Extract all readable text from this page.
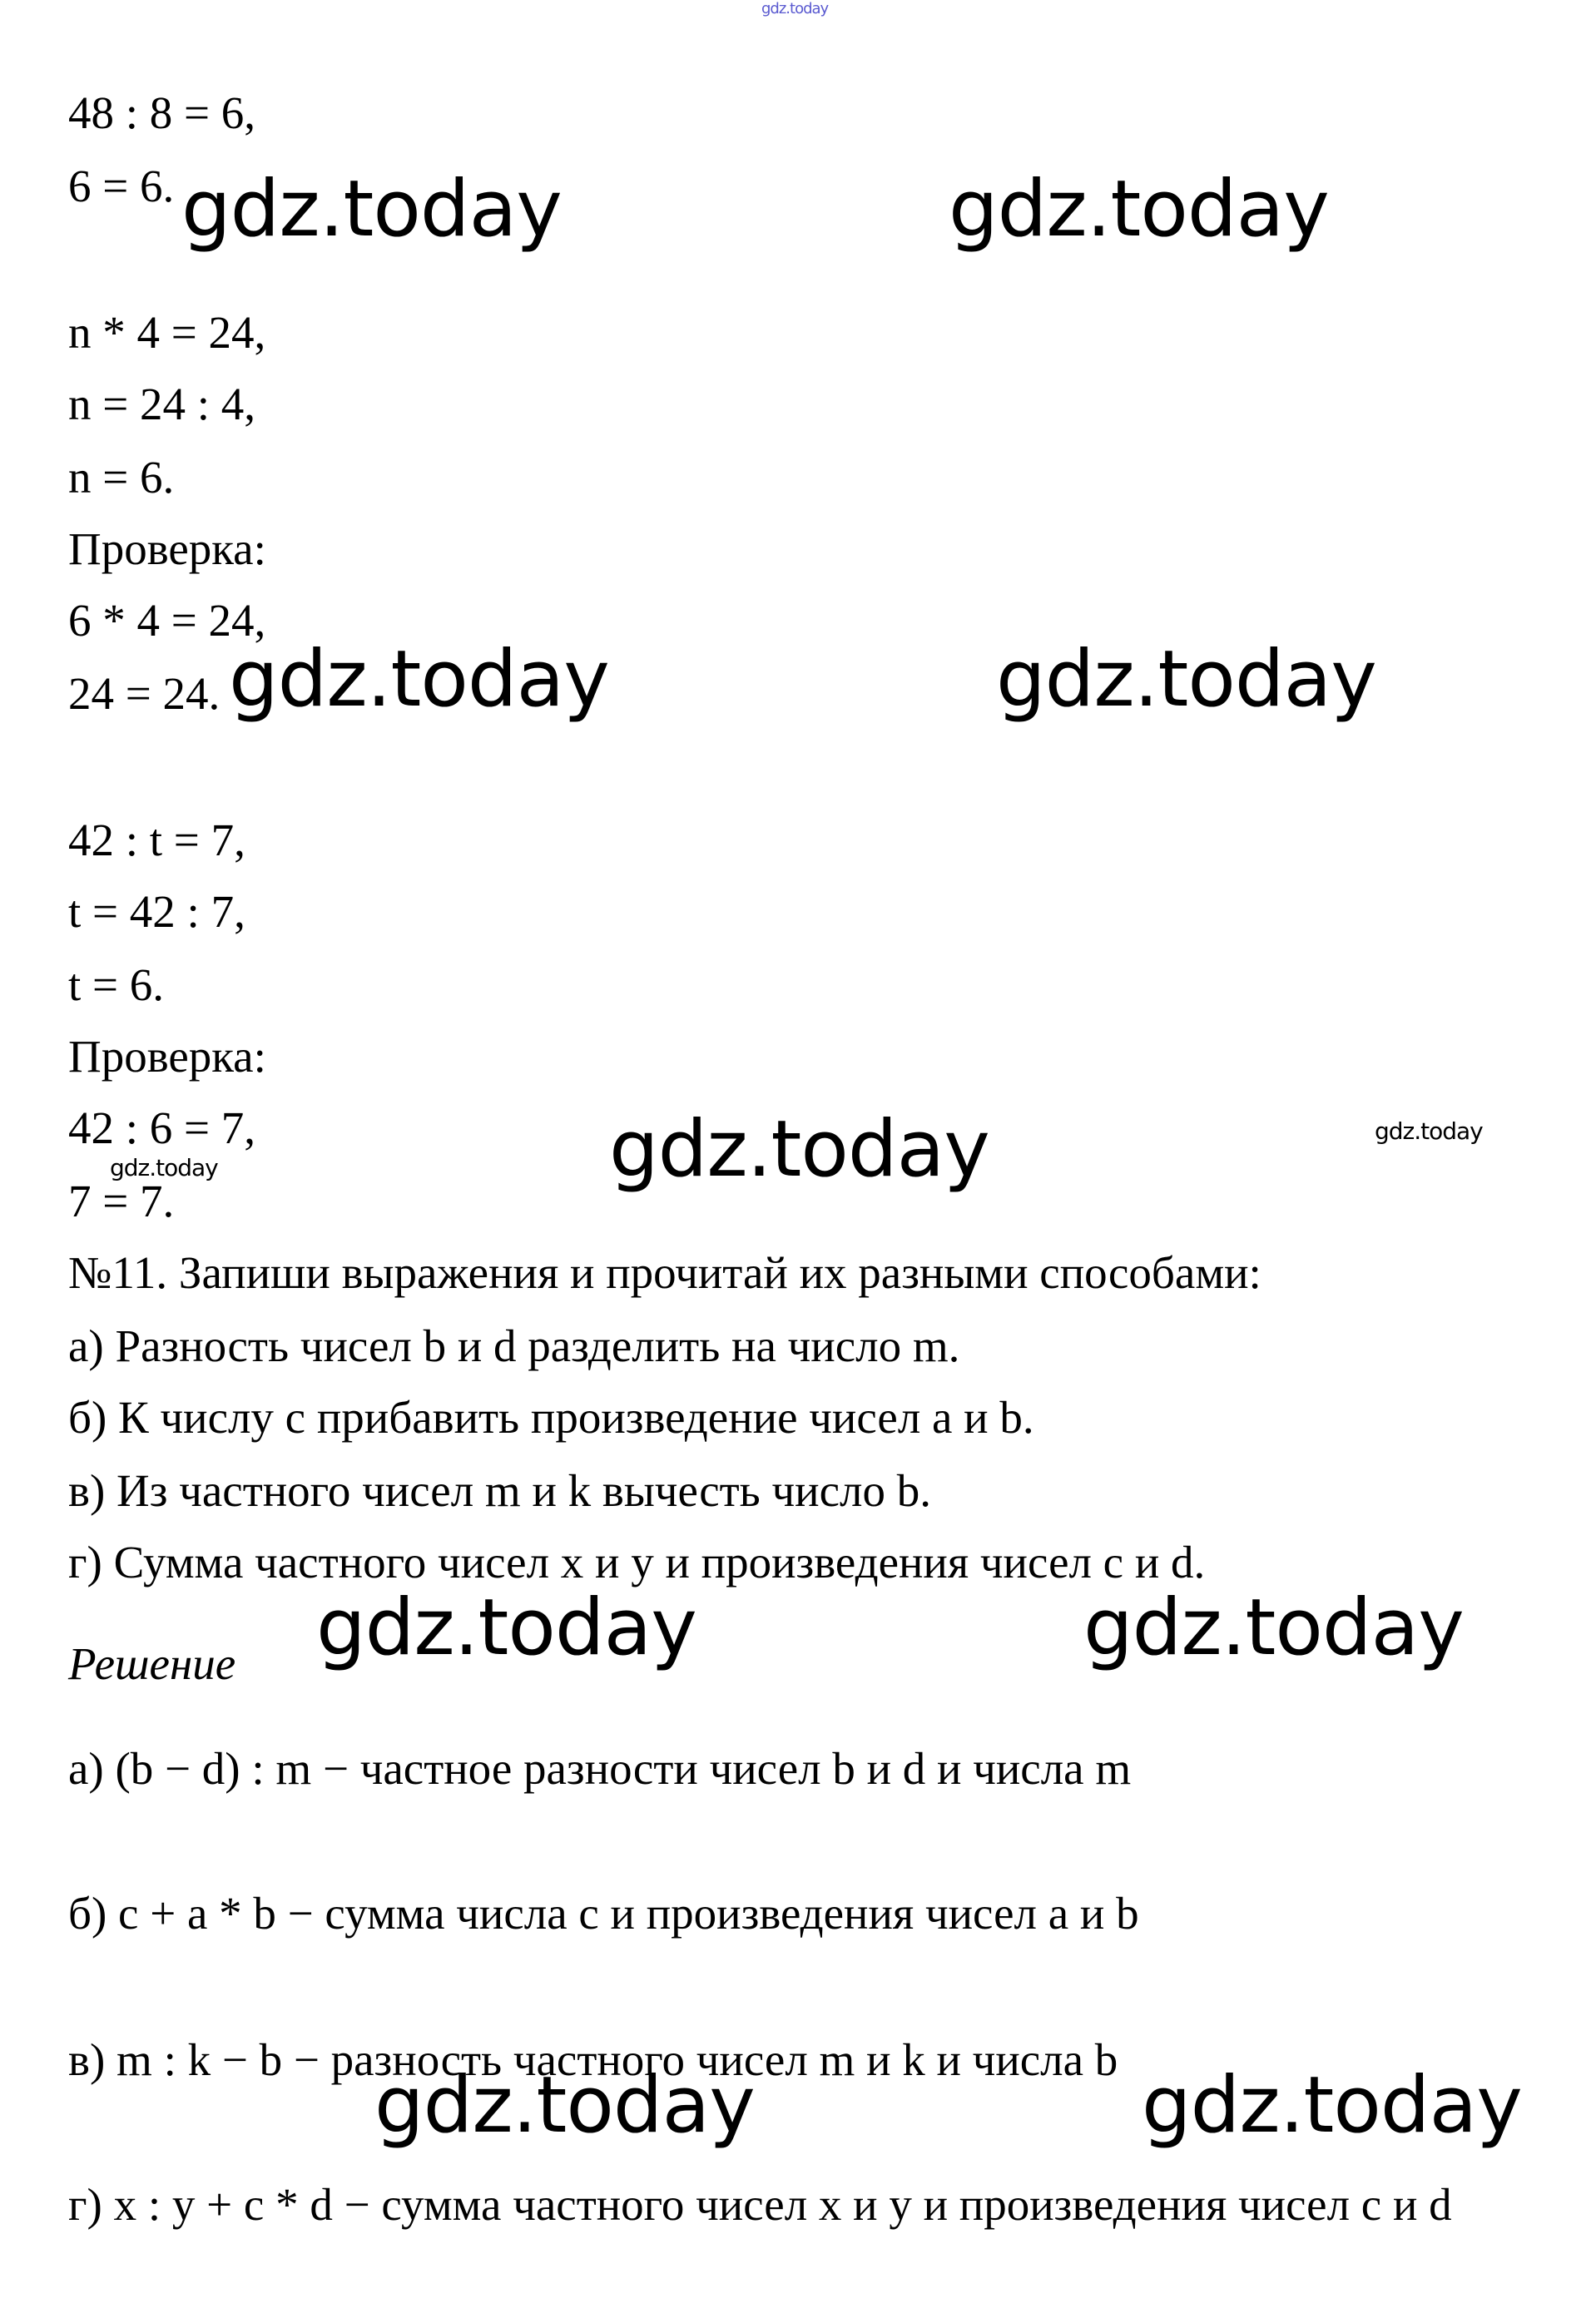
gdz.today
48 : 8 = 6,
6 = 6.
n * 4 = 24,
n = 24 : 4,
n = 6.
Проверка:
6 * 4 = 24,
24 = 24.
42 : t = 7,
t = 42 : 7,
t = 6.
Проверка:
42 : 6 = 7,
7 = 7.
№11. Запиши выражения и прочитай их разными способами:
а) Разность чисел b и d разделить на число m.
б) К числу с прибавить произведение чисел a и b.
в) Из частного чисел m и k вычесть число b.
г) Сумма частного чисел x и y и произведения чисел c и d.
Решение
а) (b − d) : m − частное разности чисел b и d и числа m
б) c + a * b − сумма числа c и произведения чисел a и b
в) m : k − b − разность частного чисел m и k и числа b
г) x : y + c * d − сумма частного чисел x и y и произведения чисел c и d
gdz.today	gdz.today
gdz.today	gdz.today
gdz.today
gdz.today	gdz.today
gdz.today	gdz.today
gdz.today
gdz.today
